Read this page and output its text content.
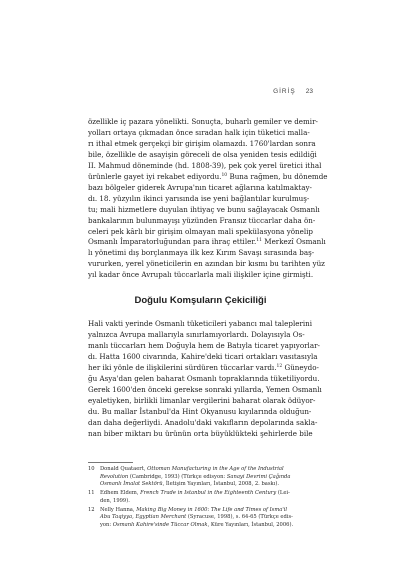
GİRİŞ 23

özellikle iç pazara yönelikti. Sonuçta, buharlı gemiler ve demir-
yolları ortaya çıkmadan önce sıradan halk için tüketici malla-
rı ithal etmek gerçekçi bir girişim olamazdı. 1760'lardan sonra
bile, özellikle de asayişin göreceli de olsa yeniden tesis edildiği
II. Mahmud döneminde (hd. 1808-39), pek çok yerel üretici ithal
ürünlerle gayet iyi rekabet ediyordu.$^{10}$ Buna rağmen, bu dönemde
bazı bölgeler giderek Avrupa'nın ticaret ağlarına katılmaktay-
dı. 18. yüzyılın ikinci yarısında ise yeni bağlantılar kurulmuş-
tu; mali hizmetlere duyulan ihtiyaç ve bunu sağlayacak Osmanlı
bankalarının bulunmayışı yüzünden Fransız tüccarlar daha ön-
celeri pek kârlı bir girişim olmayan mali spekülasyona yönelip
Osmanlı İmparatorluğundan para ihraç ettiler.$^{11}$ Merkezî Osmanlı
lı yönetimi dış borçlanmaya ilk kez Kırım Savaşı sırasında baş-
vururken, yerel yöneticilerin en azından bir kısmı bu tarihten yüz
yıl kadar önce Avrupalı tüccarlarla mali ilişkiler içine girmişti.

Doğulu Komşuların Çekiciliği

Hali vakti yerinde Osmanlı tüketicileri yabancı mal taleplerini
yalnızca Avrupa mallarıyla sınırlamıyorlardı. Dolayısıyla Os-
manlı tüccarları hem Doğuyla hem de Batıyla ticaret yapıyorlar-
dı. Hatta 1600 civarında, Kahire'deki ticari ortakları vasıtasıyla
her iki yönle de ilişkilerini sürdüren tüccarlar vardı.$^{12}$ Güneydo-
ğu Asya'dan gelen baharat Osmanlı topraklarında tüketiliyordu.
Gerek 1600'den önceki gerekse sonraki yıllarda, Yemen Osmanlı
eyaletiyken, birlikli limanlar vergilerini baharat olarak ödüyor-
du. Bu mallar İstanbul'da Hint Okyanusu kıyılarında olduğun-
dan daha değerliydi. Anadolu'daki vakıfların depolarında sakla-
nan biber miktarı bu ürünün orta büyüklükteki şehirlerde bile

10	Donald Quataert, Ottoman Manufacturing in the Age of the Industrial
Revolution (Cambridge, 1993) (Türkçe edisyon: Sanayi Devrimi Çağında
Osmanlı İmalat Sektörü, İletişim Yayınları, İstanbul, 2008, 2. baskı).
11	Edhem Eldem, French Trade in Istanbul in the Eighteenth Century (Lei-
den, 1999).
12	Nelly Hanna, Making Big Money in 1600: The Life and Times of Isma'il
Abu Taqiyya, Egyptian Merchant (Syracuse, 1998), s. 64-65 (Türkçe edis-
yon: Osmanlı Kahire'sinde Tüccar Olmak, Küre Yayınları, İstanbul, 2006).
